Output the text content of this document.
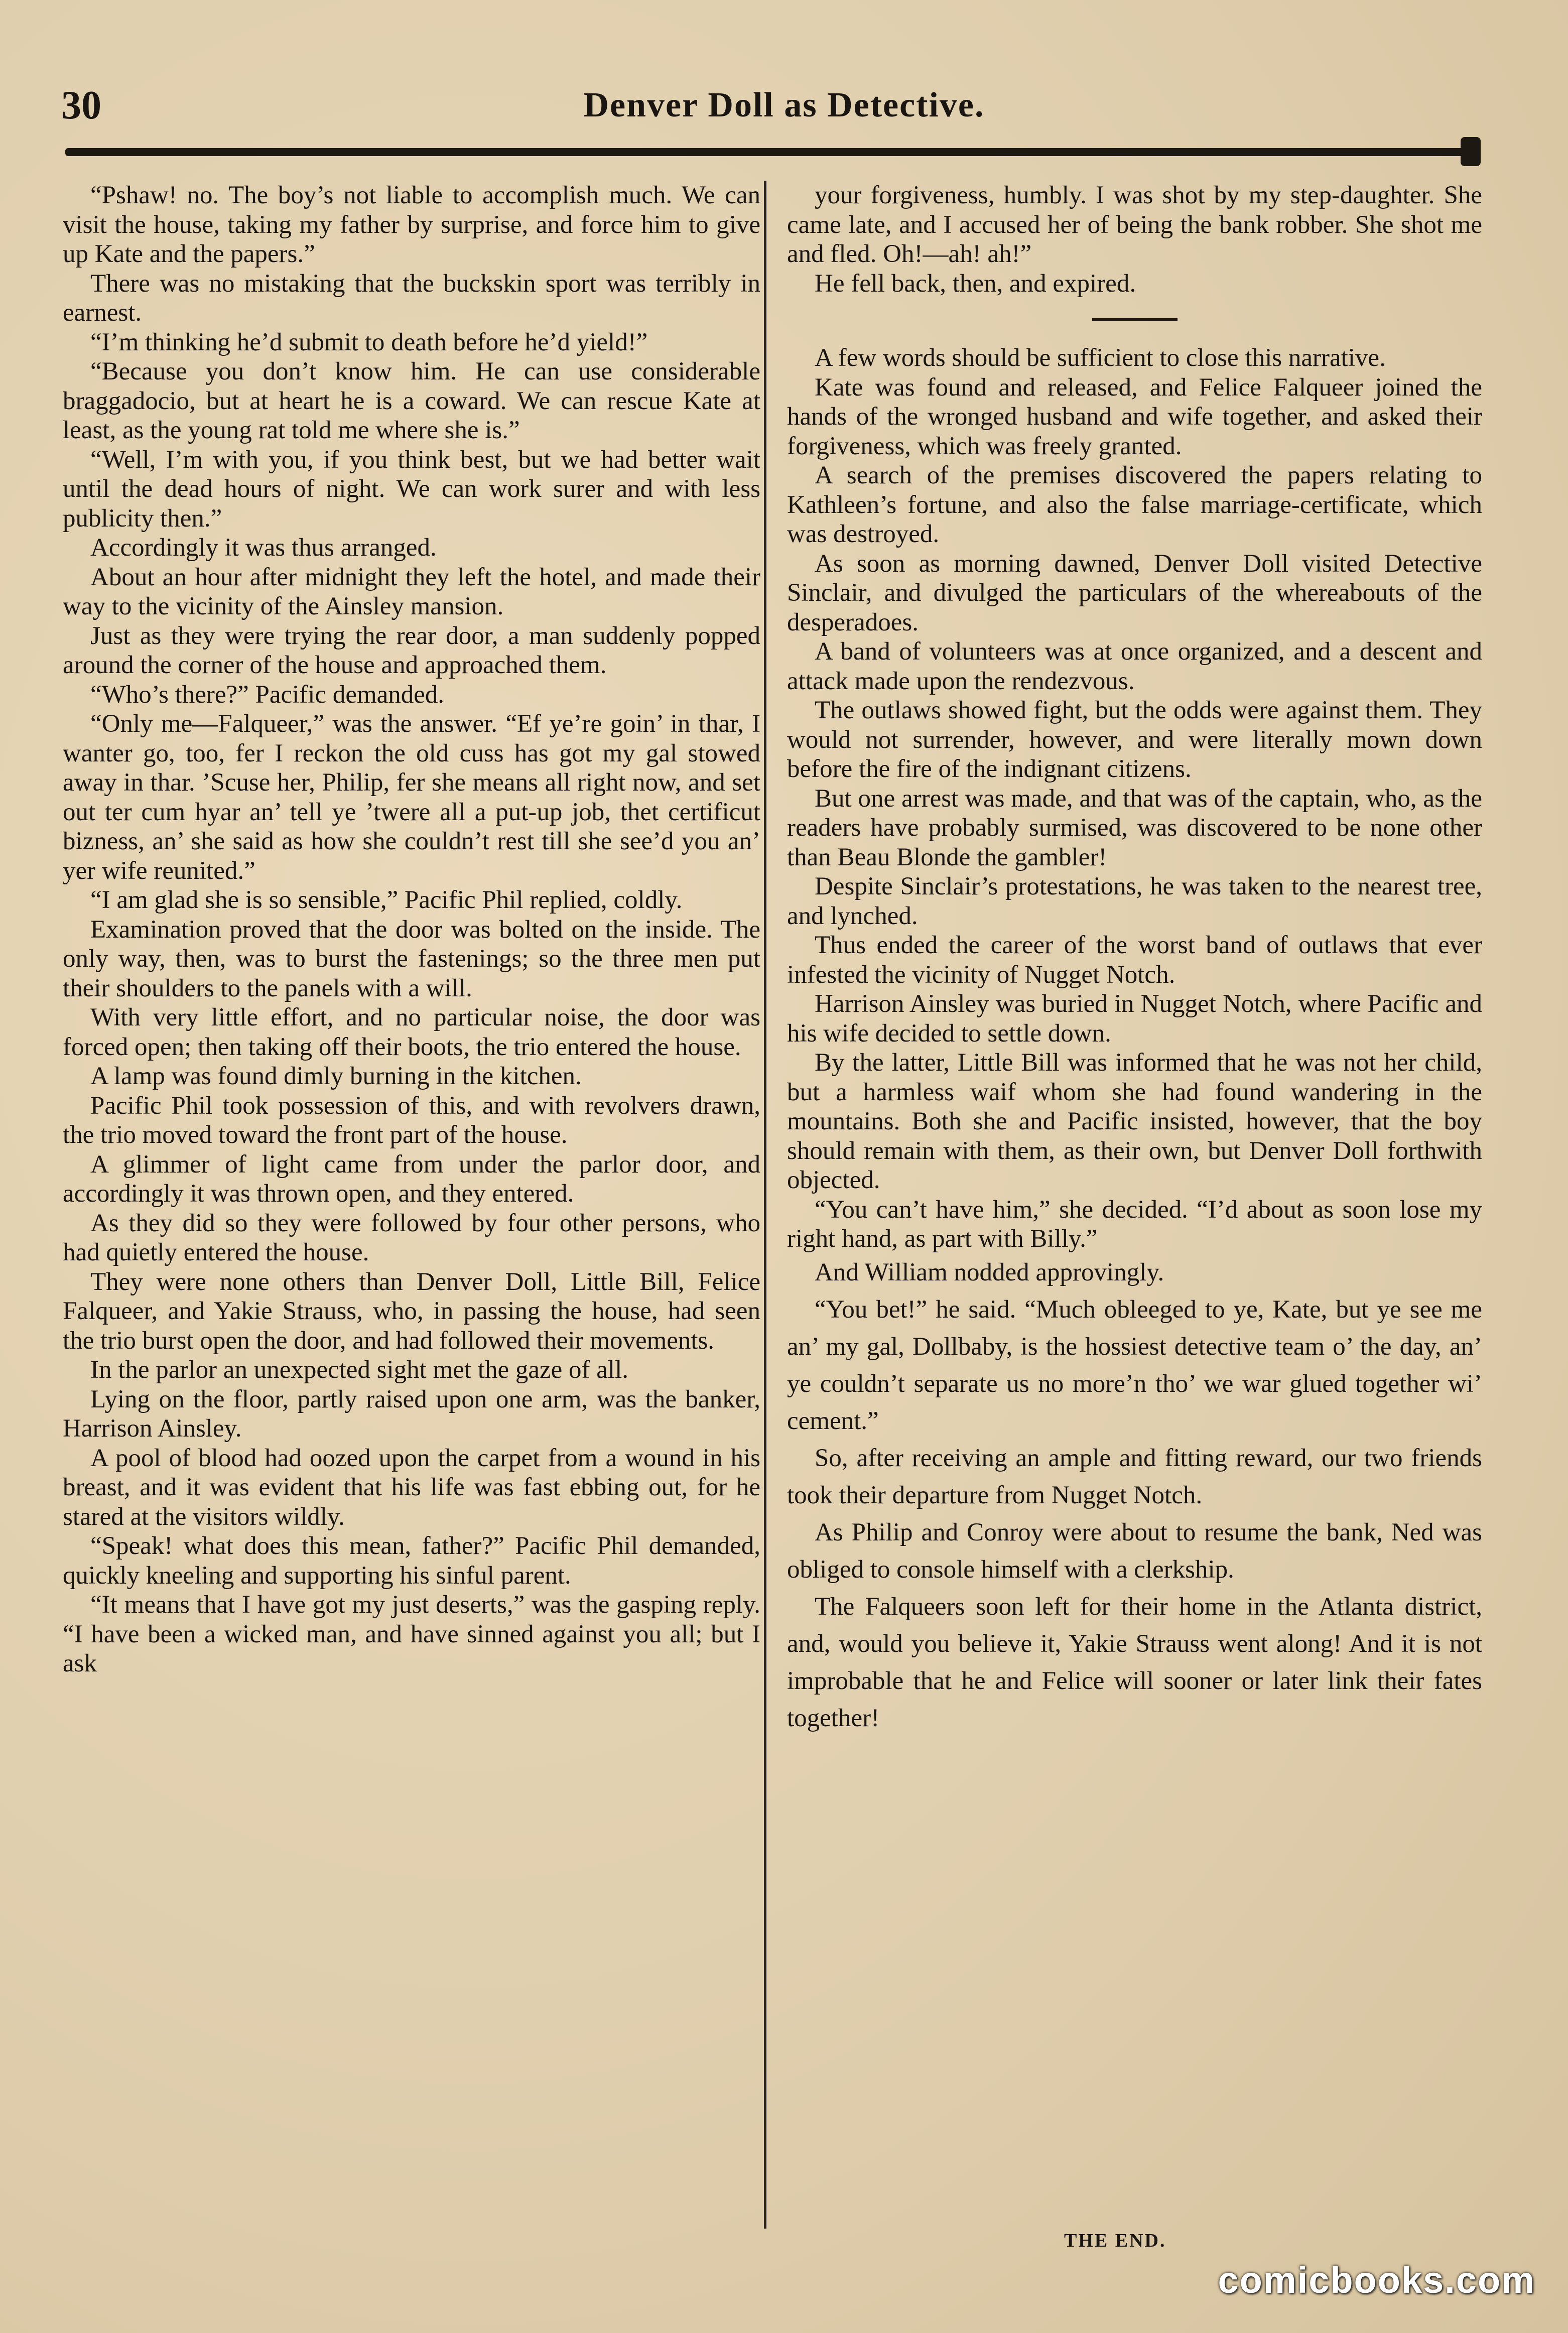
30	Denver Doll as Detective.

“Pshaw! no. The boy’s not liable to accomplish much. We can visit the house, taking my father by surprise, and force him to give up Kate and the papers.”

There was no mistaking that the buckskin sport was terribly in earnest.

“I’m thinking he’d submit to death before he’d yield!”

“Because you don’t know him. He can use considerable braggadocio, but at heart he is a coward. We can rescue Kate at least, as the young rat told me where she is.”

“Well, I’m with you, if you think best, but we had better wait until the dead hours of night. We can work surer and with less publicity then.”

Accordingly it was thus arranged.

About an hour after midnight they left the hotel, and made their way to the vicinity of the Ainsley mansion.

Just as they were trying the rear door, a man suddenly popped around the corner of the house and approached them.

“Who’s there?” Pacific demanded.

“Only me—Falqueer,” was the answer. “Ef ye’re goin’ in thar, I wanter go, too, fer I reckon the old cuss has got my gal stowed away in thar. ’Scuse her, Philip, fer she means all right now, and set out ter cum hyar an’ tell ye ’twere all a put-up job, thet certificut bizness, an’ she said as how she couldn’t rest till she see’d you an’ yer wife reunited.”

“I am glad she is so sensible,” Pacific Phil replied, coldly.

Examination proved that the door was bolted on the inside. The only way, then, was to burst the fastenings; so the three men put their shoulders to the panels with a will.

With very little effort, and no particular noise, the door was forced open; then taking off their boots, the trio entered the house.

A lamp was found dimly burning in the kitchen.

Pacific Phil took possession of this, and with revolvers drawn, the trio moved toward the front part of the house.

A glimmer of light came from under the parlor door, and accordingly it was thrown open, and they entered.

As they did so they were followed by four other persons, who had quietly entered the house.

They were none others than Denver Doll, Little Bill, Felice Falqueer, and Yakie Strauss, who, in passing the house, had seen the trio burst open the door, and had followed their movements.

In the parlor an unexpected sight met the gaze of all.

Lying on the floor, partly raised upon one arm, was the banker, Harrison Ainsley.

A pool of blood had oozed upon the carpet from a wound in his breast, and it was evident that his life was fast ebbing out, for he stared at the visitors wildly.

“Speak! what does this mean, father?” Pacific Phil demanded, quickly kneeling and supporting his sinful parent.

“It means that I have got my just deserts,” was the gasping reply. “I have been a wicked man, and have sinned against you all; but I ask

your forgiveness, humbly. I was shot by my step-daughter. She came late, and I accused her of being the bank robber. She shot me and fled. Oh!—ah! ah!”

He fell back, then, and expired.

A few words should be sufficient to close this narrative.

Kate was found and released, and Felice Falqueer joined the hands of the wronged husband and wife together, and asked their forgiveness, which was freely granted.

A search of the premises discovered the papers relating to Kathleen’s fortune, and also the false marriage-certificate, which was destroyed.

As soon as morning dawned, Denver Doll visited Detective Sinclair, and divulged the particulars of the whereabouts of the desperadoes.

A band of volunteers was at once organized, and a descent and attack made upon the rendezvous.

The outlaws showed fight, but the odds were against them. They would not surrender, however, and were literally mown down before the fire of the indignant citizens.

But one arrest was made, and that was of the captain, who, as the readers have probably surmised, was discovered to be none other than Beau Blonde the gambler!

Despite Sinclair’s protestations, he was taken to the nearest tree, and lynched.

Thus ended the career of the worst band of outlaws that ever infested the vicinity of Nugget Notch.

Harrison Ainsley was buried in Nugget Notch, where Pacific and his wife decided to settle down.

By the latter, Little Bill was informed that he was not her child, but a harmless waif whom she had found wandering in the mountains. Both she and Pacific insisted, however, that the boy should remain with them, as their own, but Denver Doll forthwith objected.

“You can’t have him,” she decided. “I’d about as soon lose my right hand, as part with Billy.”

And William nodded approvingly.

“You bet!” he said. “Much obleeged to ye, Kate, but ye see me an’ my gal, Dollbaby, is the hossiest detective team o’ the day, an’ ye couldn’t separate us no more’n tho’ we war glued together wi’ cement.”

So, after receiving an ample and fitting reward, our two friends took their departure from Nugget Notch.

As Philip and Conroy were about to resume the bank, Ned was obliged to console himself with a clerkship.

The Falqueers soon left for their home in the Atlanta district, and, would you believe it, Yakie Strauss went along! And it is not improbable that he and Felice will sooner or later link their fates together!

THE END.
comicbooks.com
